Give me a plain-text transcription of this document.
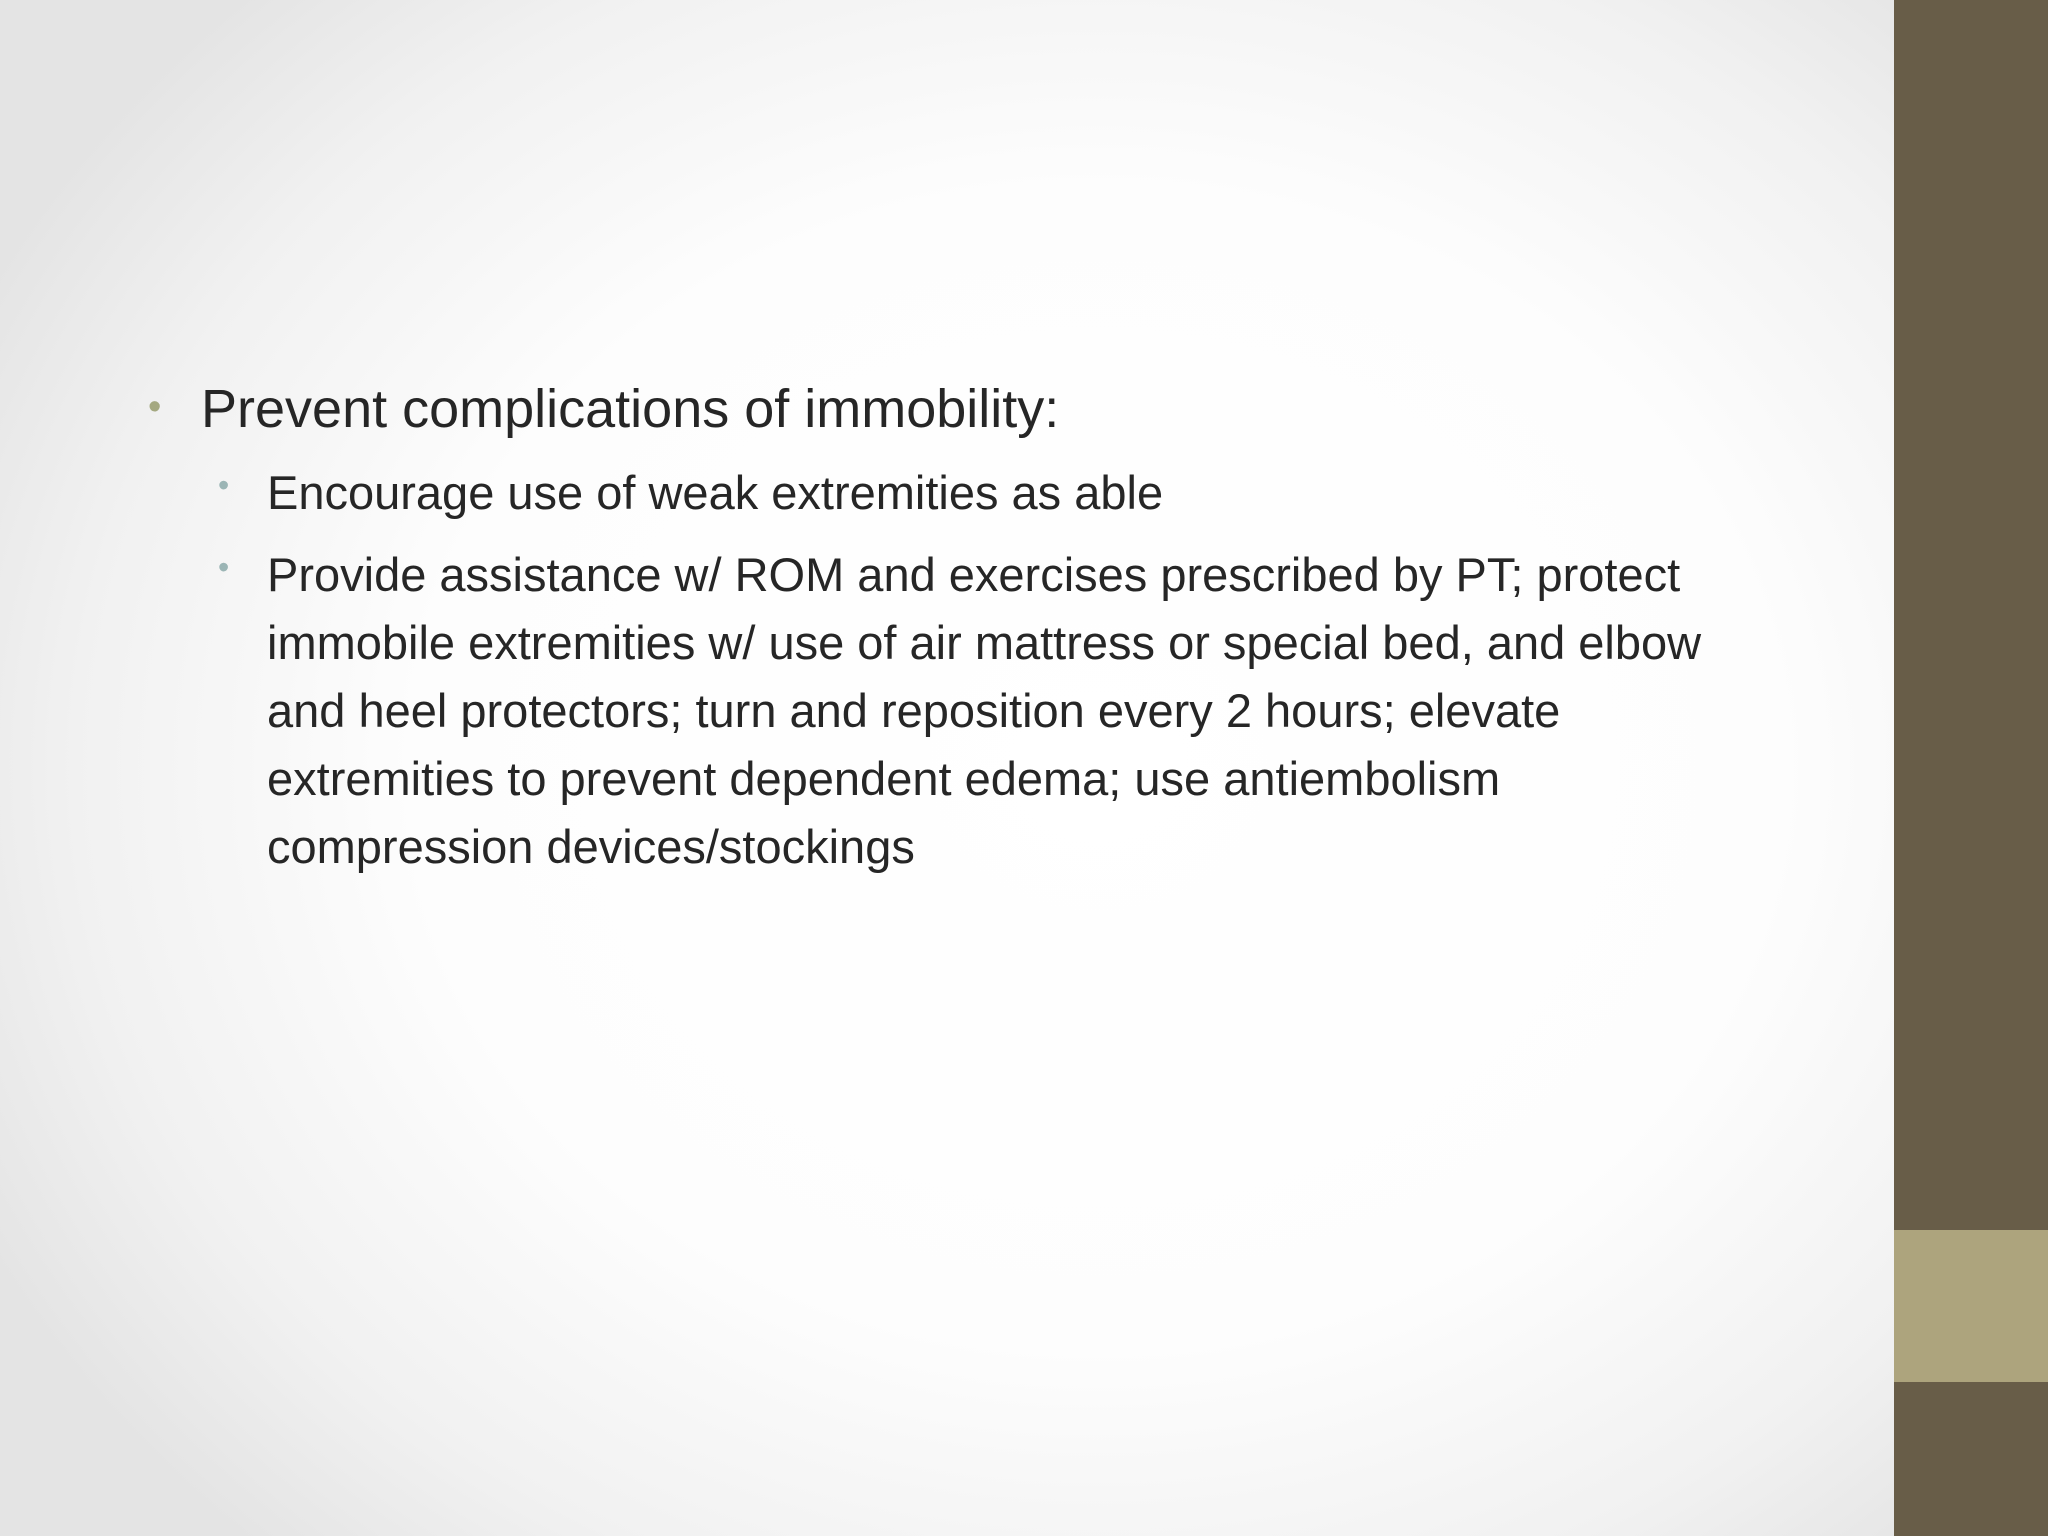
• Prevent complications of immobility:
• Encourage use of weak extremities as able
• Provide assistance w/ ROM and exercises prescribed by PT; protect immobile extremities w/ use of air mattress or special bed, and elbow and heel protectors; turn and reposition every 2 hours; elevate extremities to prevent dependent edema; use antiembolism compression devices/stockings
